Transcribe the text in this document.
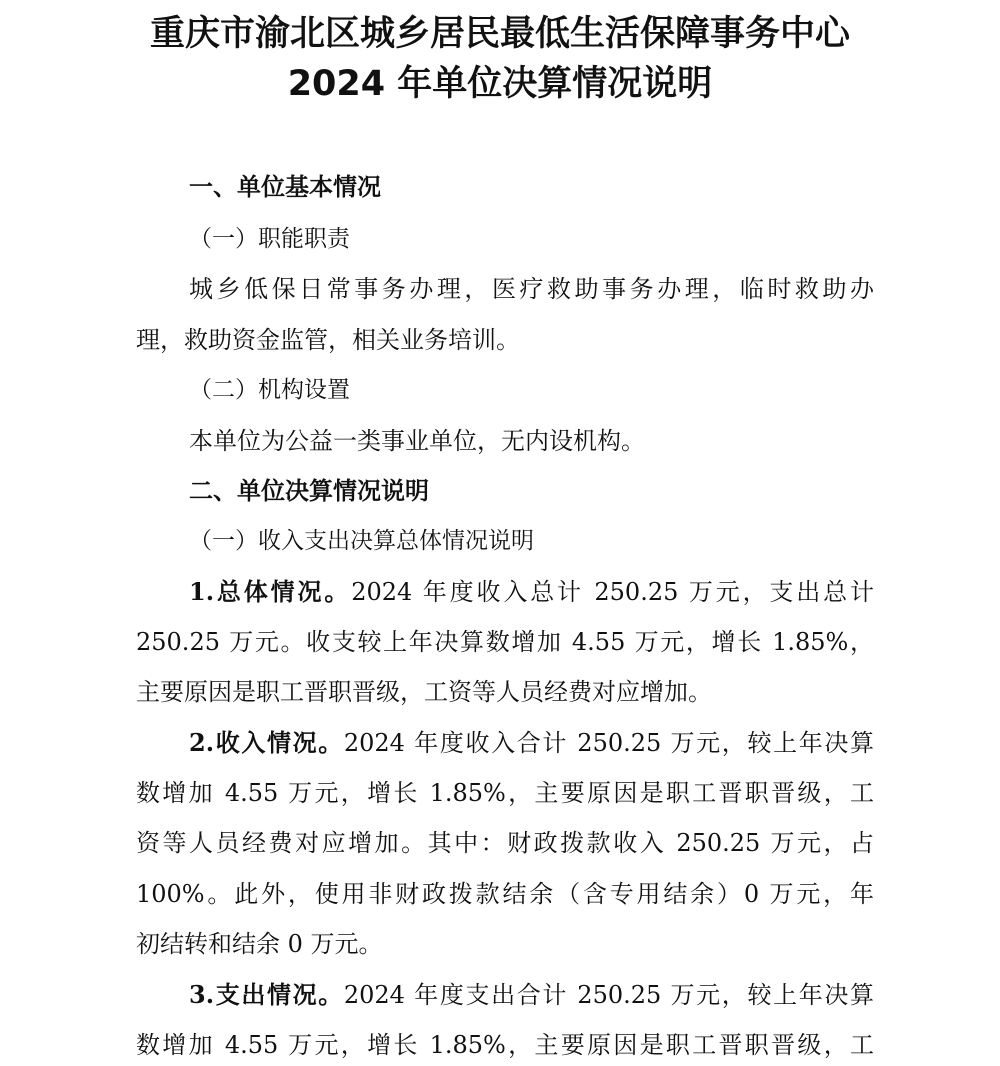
重庆市渝北区城乡居民最低生活保障事务中心
2024 年单位决算情况说明

一、单位基本情况

（一）职能职责

城乡低保日常事务办理，医疗救助事务办理，临时救助办

理，救助资金监管，相关业务培训。

（二）机构设置

本单位为公益一类事业单位，无内设机构。

二、单位决算情况说明

（一）收入支出决算总体情况说明

1.总体情况。2024 年度收入总计 250.25 万元，支出总计

250.25 万元。收支较上年决算数增加 4.55 万元，增长 1.85%，

主要原因是职工晋职晋级，工资等人员经费对应增加。

2.收入情况。2024 年度收入合计 250.25 万元，较上年决算

数增加 4.55 万元，增长 1.85%，主要原因是职工晋职晋级，工

资等人员经费对应增加。其中：财政拨款收入 250.25 万元，占

100%。此外，使用非财政拨款结余（含专用结余）0 万元，年

初结转和结余 0 万元。

3.支出情况。2024 年度支出合计 250.25 万元，较上年决算

数增加 4.55 万元，增长 1.85%，主要原因是职工晋职晋级，工
